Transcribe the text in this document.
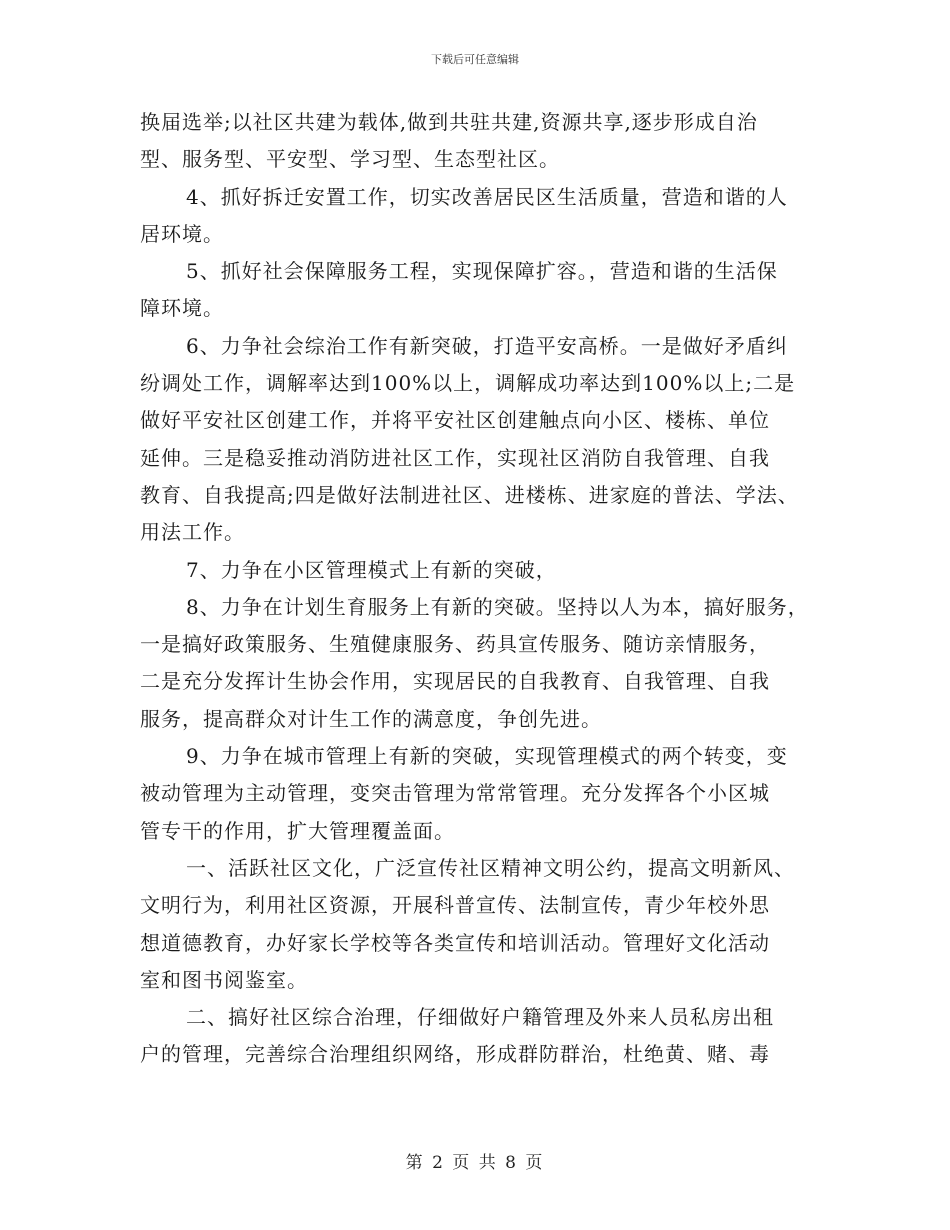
下载后可任意编辑
换届选举;以社区共建为载体,做到共驻共建,资源共享,逐步形成自治
型、服务型、平安型、学习型、生态型社区。
4、抓好拆迁安置工作，切实改善居民区生活质量，营造和谐的人
居环境。
5、抓好社会保障服务工程，实现保障扩容。，营造和谐的生活保
障环境。
6、力争社会综治工作有新突破，打造平安高桥。一是做好矛盾纠
纷调处工作，调解率达到100%以上，调解成功率达到100%以上;二是
做好平安社区创建工作，并将平安社区创建触点向小区、楼栋、单位
延伸。三是稳妥推动消防进社区工作，实现社区消防自我管理、自我
教育、自我提高;四是做好法制进社区、进楼栋、进家庭的普法、学法、
用法工作。
7、力争在小区管理模式上有新的突破，
8、力争在计划生育服务上有新的突破。坚持以人为本，搞好服务，
一是搞好政策服务、生殖健康服务、药具宣传服务、随访亲情服务，
二是充分发挥计生协会作用，实现居民的自我教育、自我管理、自我
服务，提高群众对计生工作的满意度，争创先进。
9、力争在城市管理上有新的突破，实现管理模式的两个转变，变
被动管理为主动管理，变突击管理为常常管理。充分发挥各个小区城
管专干的作用，扩大管理覆盖面。
一、活跃社区文化，广泛宣传社区精神文明公约，提高文明新风、
文明行为，利用社区资源，开展科普宣传、法制宣传，青少年校外思
想道德教育，办好家长学校等各类宣传和培训活动。管理好文化活动
室和图书阅鉴室。
二、搞好社区综合治理，仔细做好户籍管理及外来人员私房出租
户的管理，完善综合治理组织网络，形成群防群治，杜绝黄、赌、毒
第 2 页 共 8 页
